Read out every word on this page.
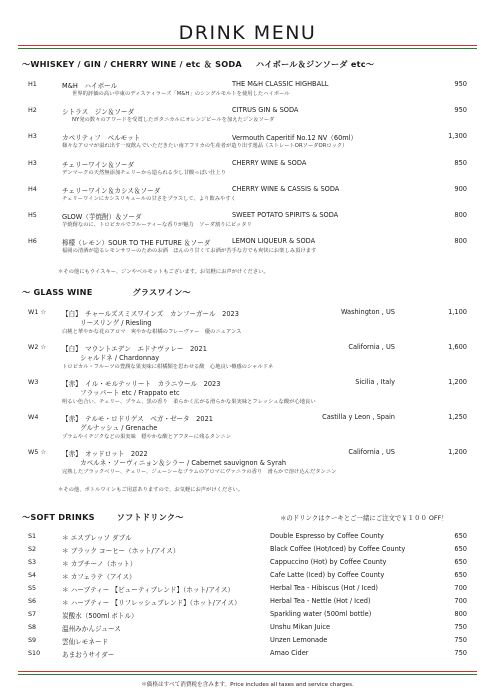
DRINK MENU
〜WHISKEY / GIN / CHERRY WINE / etc ＆ SODA ハイボール＆ジンソーダ etc〜
H1	M&H　ハイボール	THE M&H CLASSIC HIGHBALL	950
世界的評価の高い中東のディスティラーズ「M&H」のシングルモルトを使用したハイボール
H2	シトラス　ジン＆ソーダ	CITRUS GIN & SODA	950
NY発の数々のアワードを受賞したボタニカルにオレンジピールを加えたジン＆ソーダ
H3	カペリティフ　ベルモット	Vermouth Caperitif No.12 NV（60ml）	1,300
様々なアロマが溢れ出す一度飲んでいただきたい南アフリカの生産者が造り出す逸品（ストレートORソーダORロック）
H3	チェリーワイン＆ソーダ	CHERRY WINE & SODA	850
デンマークの天然無添加チェリーから造られる少し甘酸っぱい仕上り
H4	チェリーワイン＆カシス＆ソーダ	CHERRY WINE & CASSIS & SODA	900
チェリーワインにカシスリキュールの甘さをプラスして、より飲みやすく
H5	GLOW（芋焼酎）＆ソーダ	SWEET POTATO SPIRITS & SODA	800
芋焼酎なのに、トロピカルでフルーティーな香りが魅力　ソーダ割りにピッタリ
H6	檸檬（レモン）SOUR TO THE FUTURE ＆ソーダ	LEMON LIQUEUR & SODA	800
福岡の清酒が造るレモンサワーのためのお酒　ほんのり甘くてお酒が苦手な方でも爽快にお楽しみ頂けます
＊その他にもウイスキー、ジンやベルモットもございます。お気軽にお声がけください。
〜 GLASS WINE	グラスワイン〜
W1 ☆ 【白】　チャールズスミスワインズ　カンフーガール　2023
リースリング / Riesling
白桃と華やかな花のアロマ　爽やかな柑橘のフレーヴァー　優のニュアンス
Washington , US	1,100
W2 ☆ 【白】　マウントエデン　エドナヴァレー　2021
シャルドネ / Chardonnay
トロピカル・フルーツの豊潤な果実味に柑橘類を思わせる酸　心地良い樽感のシャルドネ
California , US	1,600
W3	【赤】　イル・モルテッリート　カラニウール　2023
フラッパート etc / Frappato etc
明るい色合い、チェリー、プラム、黒の香り　柔らかく広がる滑らかな果実味とフレッシュな酸が心地良い
Sicilia , Italy	1,200
W4	【赤】　テルモ・ロドリゲス　ベガ・ゼータ　2021
グルナッシュ / Grenache
プラムやイチジクなどの果実味　穏やかな酸とアフターに残るタンニン
Castilla y Leon , Spain	1,250
W5 ☆ 【赤】　オッドロット　2022
カベルネ・ソーヴィニョン＆シラー / Cabernet sauvignon & Syrah
完熟したブラックベリー、チェリー、ジューシーなブラムのアロマにヴァニラの香り　滑らかで溶け込んだタンニン
California , US	1,200
＊その他、ボトルワインもご用意ありますので、お気軽にお声がけください。
〜SOFT DRINKS	ソフトドリンク〜	＊のドリンクはケーキとご一緒にご注文で￥１００ OFF！
S1	＊ エスプレッソ ダブル	Double Espresso by Coffee County	650
S2	＊ ブラック コーヒー（ホット/アイス）	Black Coffee (Hot/Iced) by Coffee County	650
S3	＊ カプチーノ（ホット）	Cappuccino (Hot) by Coffee County	650
S4	＊ カフェラテ（アイス）	Cafe Latte (Iced) by Coffee County	650
S5	＊ ハーブティー 【ビューティブレンド】（ホット/アイス）	Herbal Tea - Hibiscus (Hot / Iced)	700
S6	＊ ハーブティー 【リフレッシュブレンド】（ホット/アイス）	Herbal Tea - Nettle (Hot / Iced)	700
S7	炭酸水（500ml ボトル）	Sparkling water (500ml bottle)	800
S8	温州みかんジュース	Unshu Mikan Juice	750
S9	雲仙レモネード	Unzen Lemonade	750
S10	あまおうサイダー	Amao Cider	750
＊価格はすべて消費税を含みます。Price includes all taxes and service charges.
